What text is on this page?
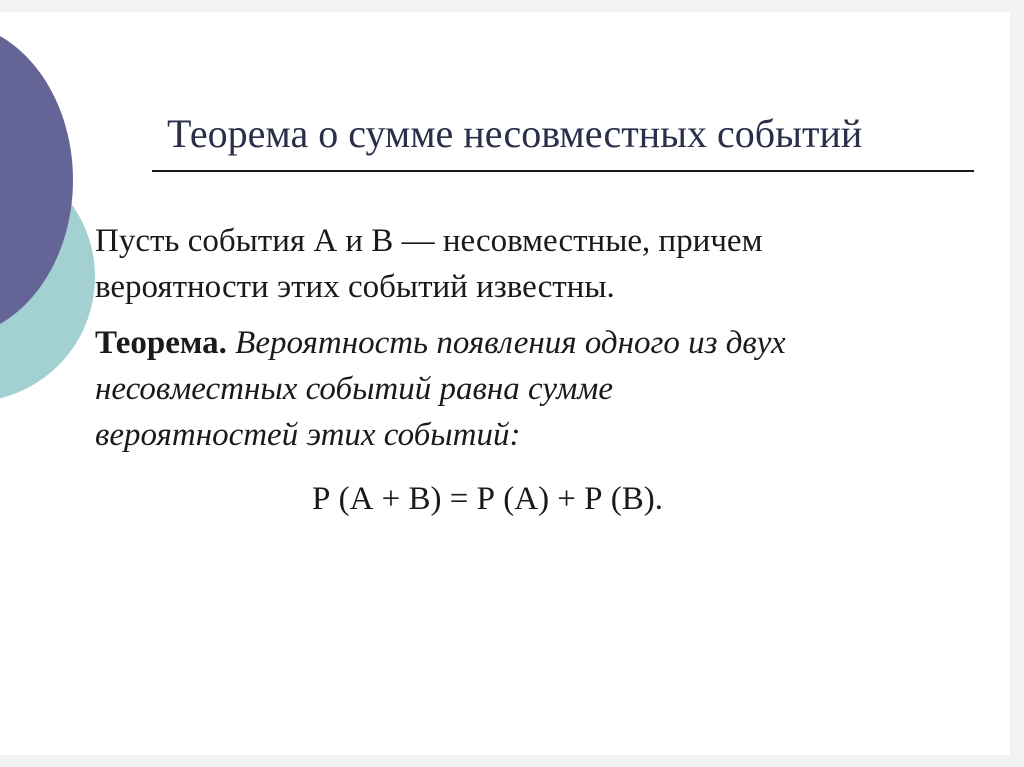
Теорема о сумме несовместных событий

Пусть события А и В — несовместные, причем
вероятности этих событий известны.

Теорема. Вероятность появления одного из двух
несовместных событий равна сумме
вероятностей этих событий:

Р (А + В) = Р (А) + Р (В).
